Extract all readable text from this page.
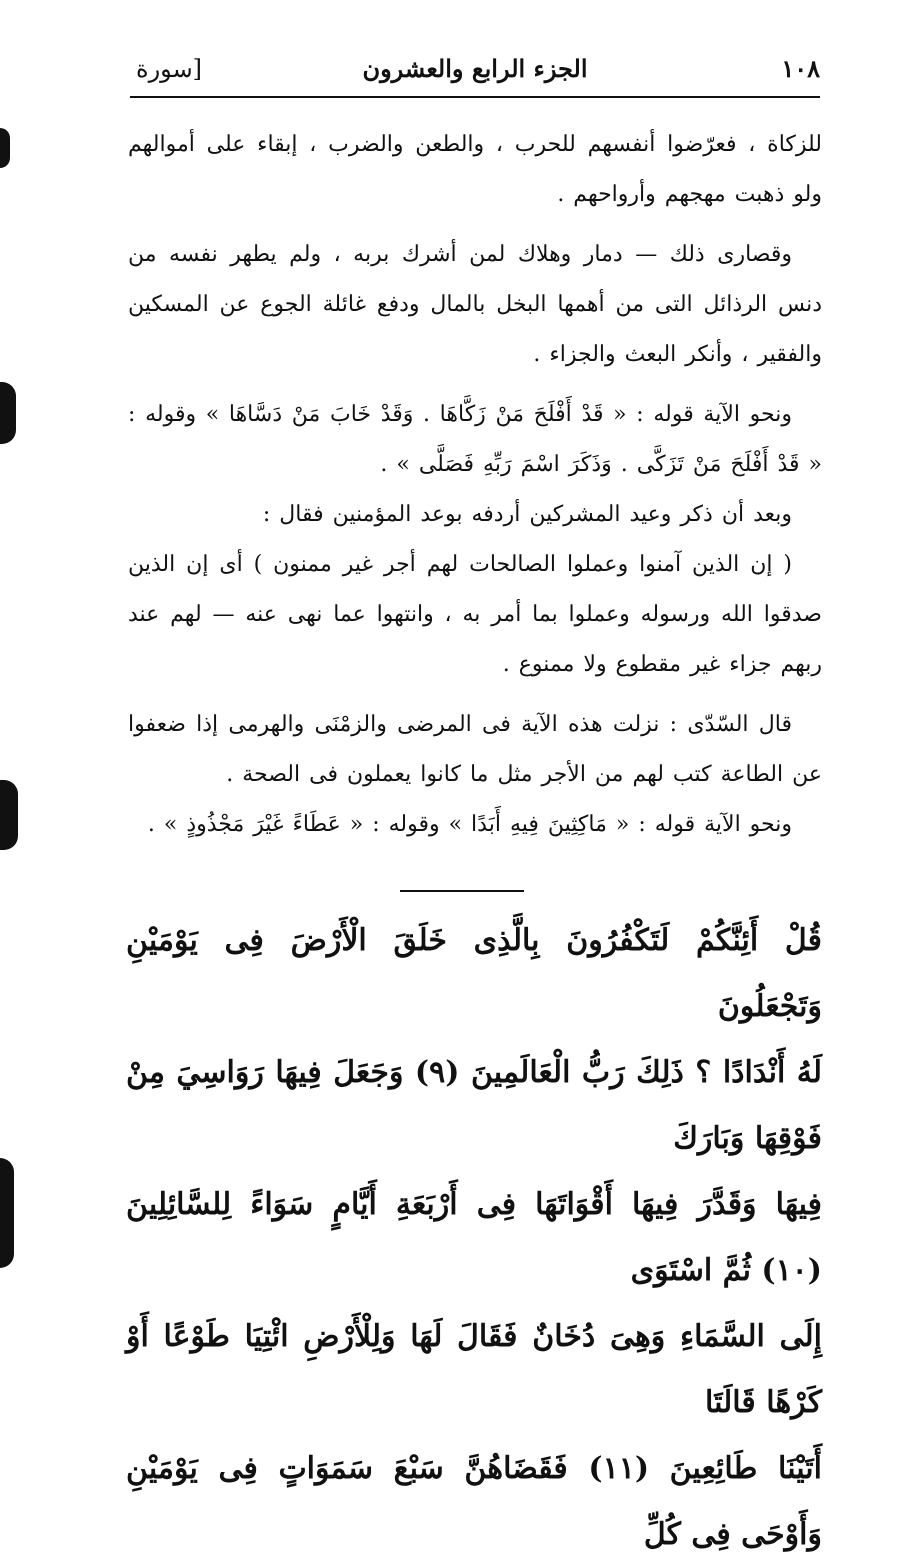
١٠٨
الجزء الرابع والعشرون
[سورة

للزكاة ، فعرّضوا أنفسهم للحرب ، والطعن والضرب ، إبقاء على أموالهم ولو ذهبت مهجهم وأرواحهم .

وقصارى ذلك — دمار وهلاك لمن أشرك بربه ، ولم يطهر نفسه من دنس الرذائل التى من أهمها البخل بالمال ودفع غائلة الجوع عن المسكين والفقير ، وأنكر البعث والجزاء .

ونحو الآية قوله : « قَدْ أَفْلَحَ مَنْ زَكَّاهَا . وَقَدْ خَابَ مَنْ دَسَّاهَا » وقوله : « قَدْ أَفْلَحَ مَنْ تَزَكَّى . وَذَكَرَ اسْمَ رَبِّهِ فَصَلَّى » .

وبعد أن ذكر وعيد المشركين أردفه بوعد المؤمنين فقال :

( إن الذين آمنوا وعملوا الصالحات لهم أجر غير ممنون ) أى إن الذين صدقوا الله ورسوله وعملوا بما أمر به ، وانتهوا عما نهى عنه — لهم عند ربهم جزاء غير مقطوع ولا ممنوع .

قال السّدّى : نزلت هذه الآية فى المرضى والزمْنَى والهرمى إذا ضعفوا عن الطاعة كتب لهم من الأجر مثل ما كانوا يعملون فى الصحة .

ونحو الآية قوله : « مَاكِثِينَ فِيهِ أَبَدًا » وقوله : « عَطَاءً غَيْرَ مَجْذُوذٍ » .

قُلْ أَئِنَّكُمْ لَتَكْفُرُونَ بِالَّذِى خَلَقَ الْأَرْضَ فِى يَوْمَيْنِ وَتَجْعَلُونَ

لَهُ أَنْدَادًا ؟ ذَلِكَ رَبُّ الْعَالَمِينَ (٩) وَجَعَلَ فِيهَا رَوَاسِيَ مِنْ فَوْقِهَا وَبَارَكَ

فِيهَا وَقَدَّرَ فِيهَا أَقْوَاتَهَا فِى أَرْبَعَةِ أَيَّامٍ سَوَاءً لِلسَّائِلِينَ (١٠) ثُمَّ اسْتَوَى

إِلَى السَّمَاءِ وَهِىَ دُخَانٌ فَقَالَ لَهَا وَلِلْأَرْضِ ائْتِيَا طَوْعًا أَوْ كَرْهًا قَالَتَا

أَتَيْنَا طَائِعِينَ (١١) فَقَضَاهُنَّ سَبْعَ سَمَوَاتٍ فِى يَوْمَيْنِ وَأَوْحَى فِى كُلِّ
